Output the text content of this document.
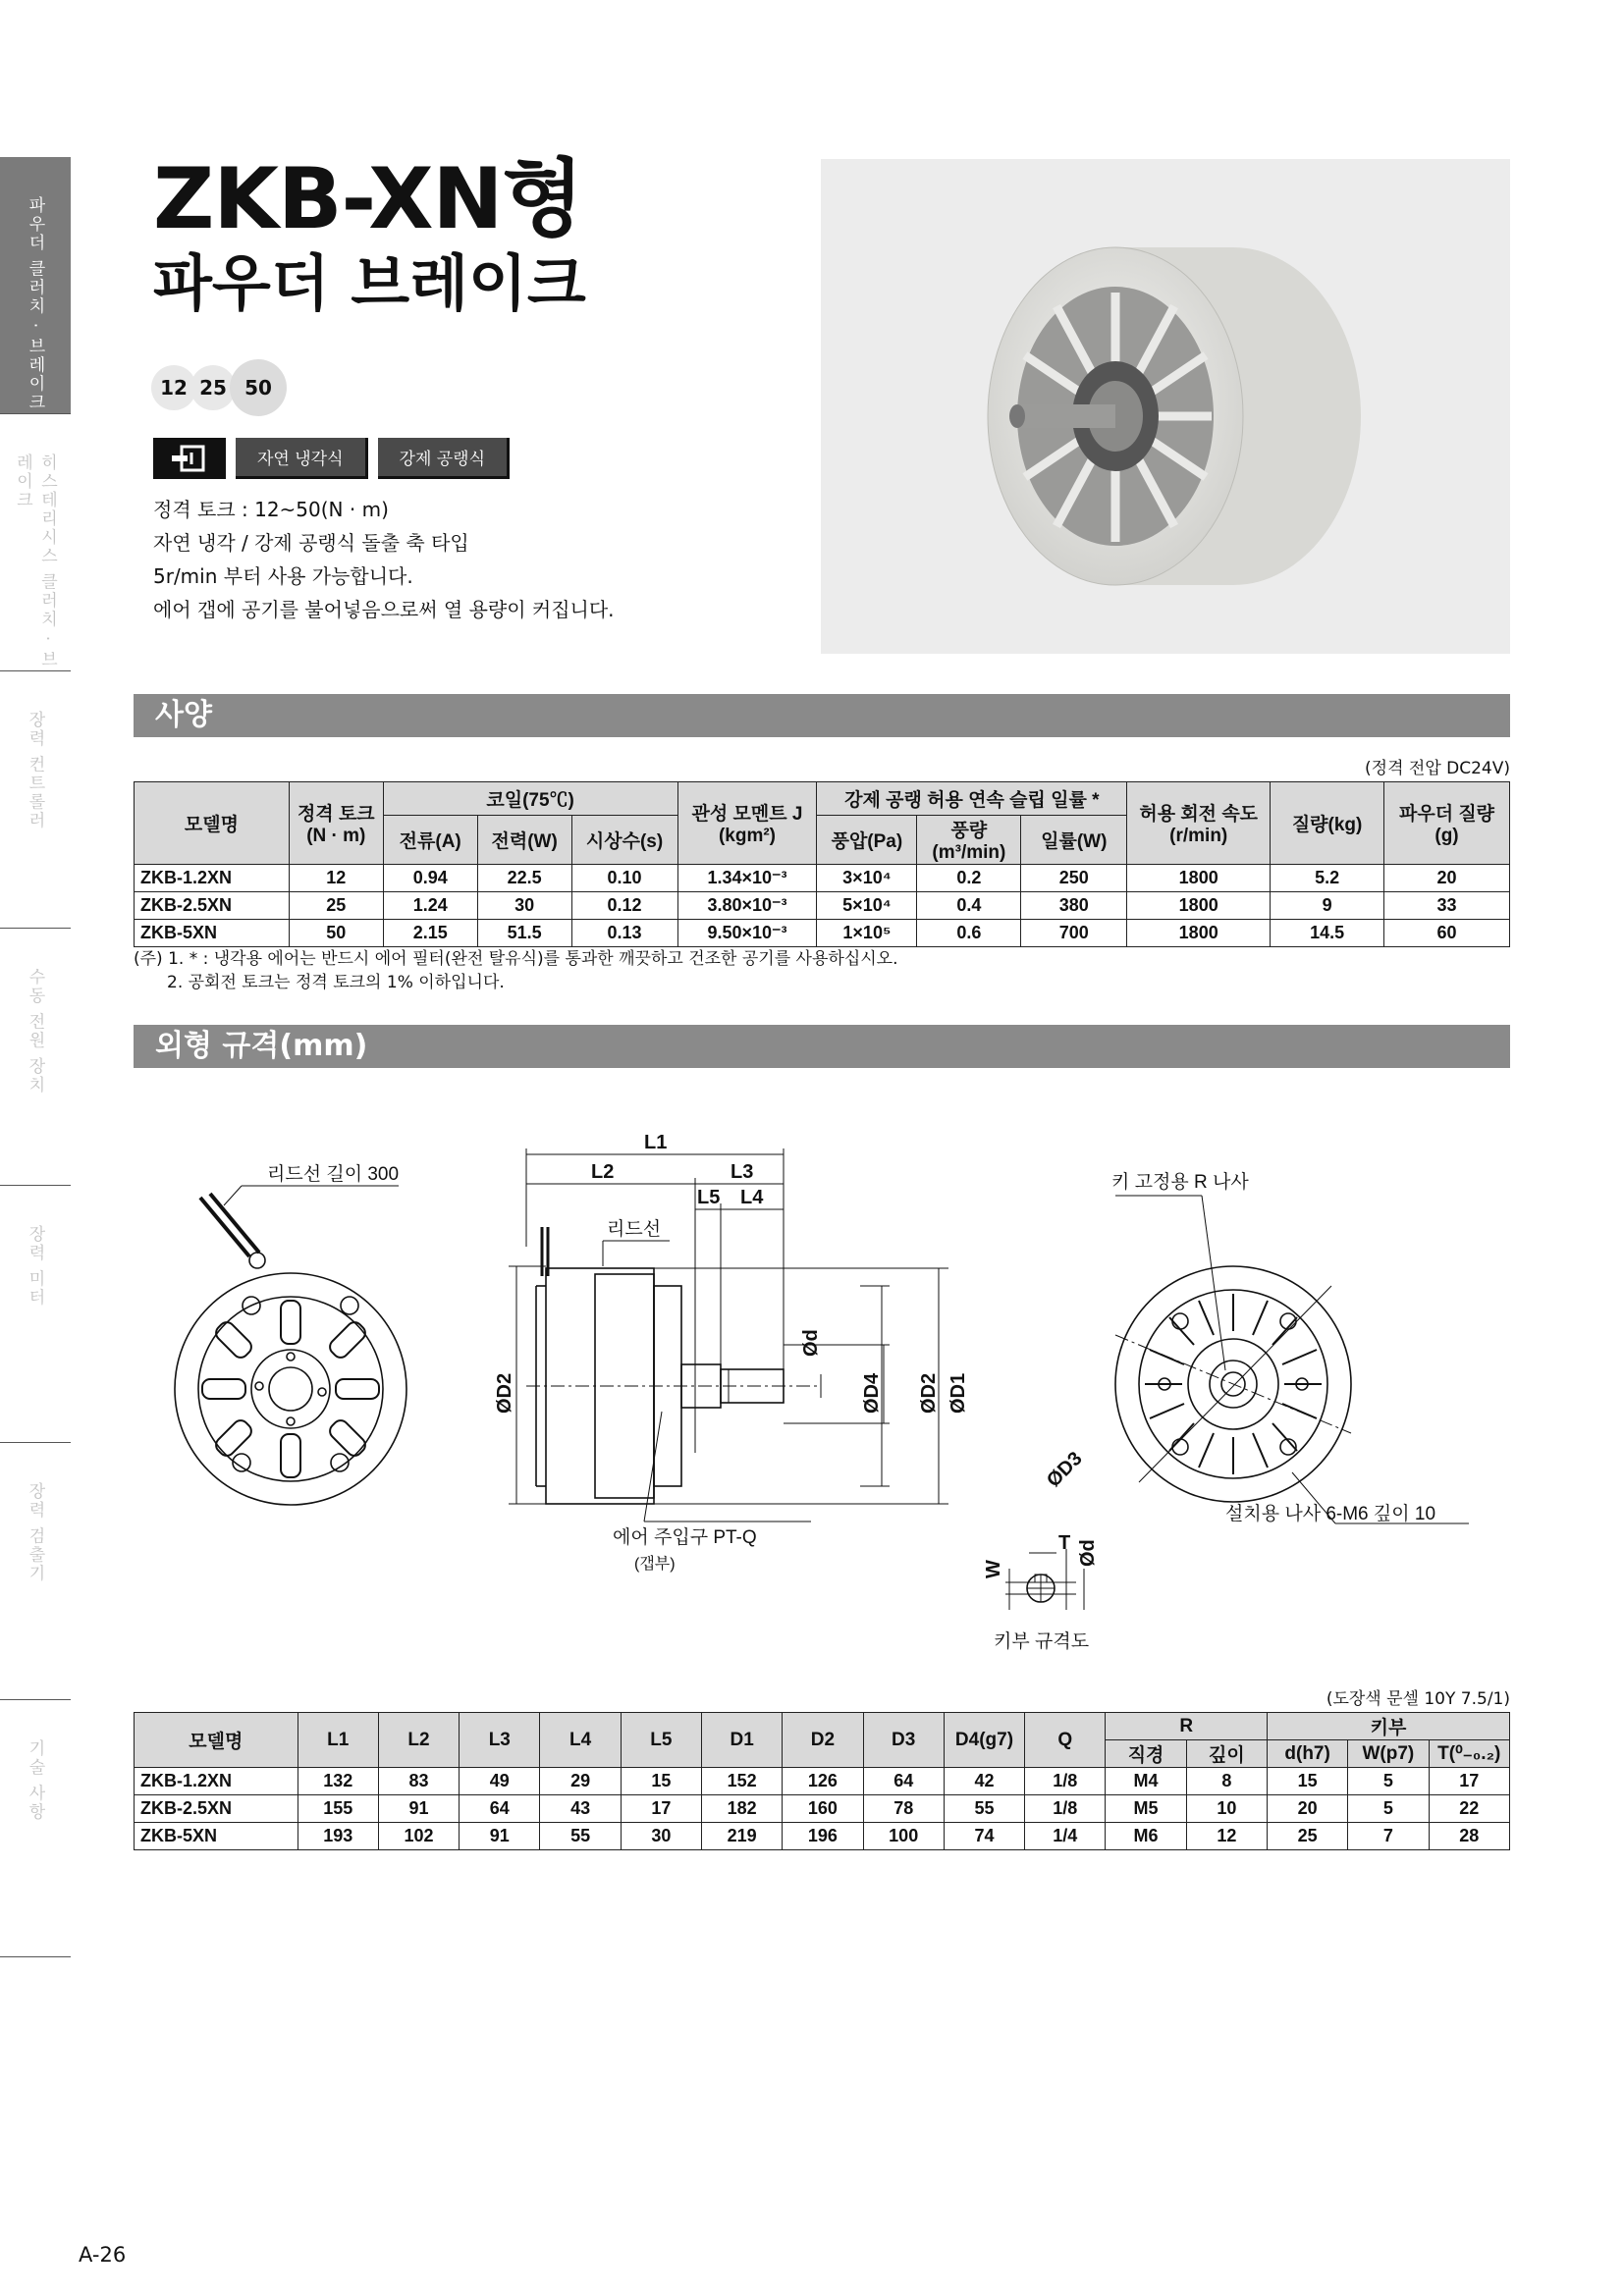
파우더 클러치 · 브레이크
히스테리시스 클러치 · 브레이크
장력 컨트롤러
수동 전원 장치
장력 미터
장력 검출기
기술 사항
ZKB-XN형
파우더 브레이크
12 25 50
자연 냉각식	강제 공랭식
정격 토크 : 12~50(N · m)
자연 냉각 / 강제 공랭식 돌출 축 타입
5r/min 부터 사용 가능합니다.
에어 갭에 공기를 불어넣음으로써 열 용량이 커집니다.
사양
(정격 전압 DC24V)
모델명	정격 토크 (N · m)	코일(75℃)			관성 모멘트 J (kgm²)	강제 공랭 허용 연속 슬립 일률 *			허용 회전 속도 (r/min)	질량(kg)	파우더 질량 (g)
		전류(A)	전력(W)	시상수(s)		풍압(Pa)	풍량 (m³/min)	일률(W)			
ZKB-1.2XN	12	0.94	22.5	0.10	1.34×10⁻³	3×10⁴	0.2	250	1800	5.2	20
ZKB-2.5XN	25	1.24	30	0.12	3.80×10⁻³	5×10⁴	0.4	380	1800	9	33
ZKB-5XN	50	2.15	51.5	0.13	9.50×10⁻³	1×10⁵	0.6	700	1800	14.5	60
(주) 1. * : 냉각용 에어는 반드시 에어 필터(완전 탈유식)를 통과한 깨끗하고 건조한 공기를 사용하십시오.
2. 공회전 토크는 정격 토크의 1% 이하입니다.
외형 규격(mm)
리드선 길이 300
리드선
에어 주입구 PT-Q
(갭부)
키 고정용 R 나사
설치용 나사 6-M6 깊이 10
키부 규격도
L1
L2	L3
L5 L4
ØD2
Ød
ØD4 ØD2 ØD1
ØD3
W
T Ød
(도장색 문셀 10Y 7.5/1)
모델명	L1	L2	L3	L4	L5	D1	D2	D3	D4(g7)	Q	R		키부		
											직경	깊이	d(h7)	W(p7)	T(⁰₋₀.₂)
ZKB-1.2XN	132	83	49	29	15	152	126	64	42	1/8	M4	8	15	5	17
ZKB-2.5XN	155	91	64	43	17	182	160	78	55	1/8	M5	10	20	5	22
ZKB-5XN	193	102	91	55	30	219	196	100	74	1/4	M6	12	25	7	28
A-26
